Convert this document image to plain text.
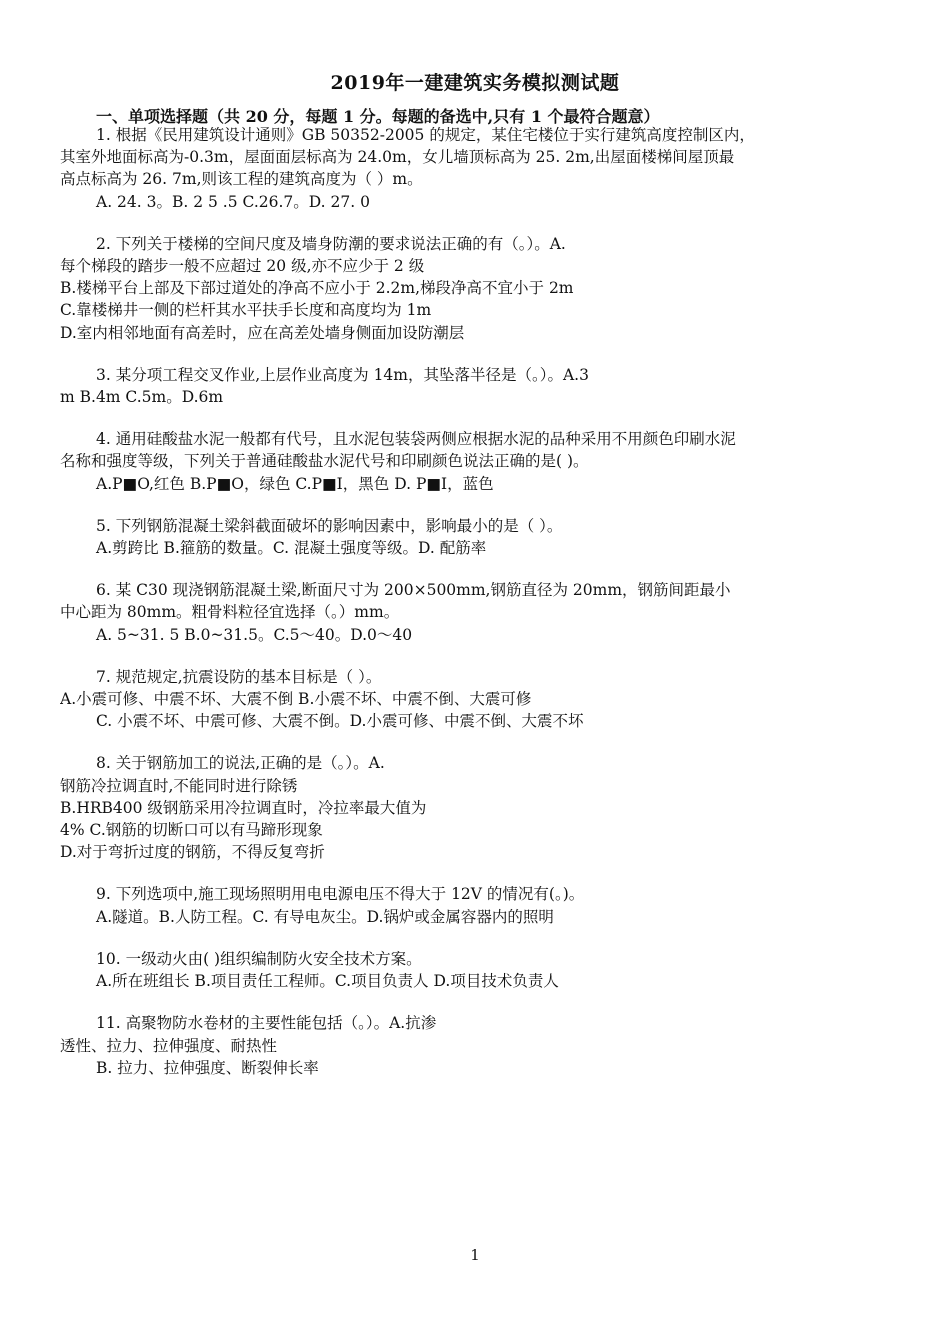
2019年一建建筑实务模拟测试题
一、单项选择题（共 20 分，每题 1 分。每题的备选中,只有 1 个最符合题意）
1. 根据《民用建筑设计通则》GB 50352-2005 的规定，某住宅楼位于实行建筑高度控制区内，
其室外地面标高为-0.3m，屋面面层标高为 24.0m，女儿墙顶标高为 25. 2m,出屋面楼梯间屋顶最
高点标高为 26. 7m,则该工程的建筑高度为（ ）m。
A. 24. 3。B. 2 5 .5 C.26.7。D. 27. 0
2. 下列关于楼梯的空间尺度及墙身防潮的要求说法正确的有（。）。A.
每个梯段的踏步一般不应超过 20 级,亦不应少于 2 级
B.楼梯平台上部及下部过道处的净高不应小于 2.2m,梯段净高不宜小于 2m
C.靠楼梯井一侧的栏杆其水平扶手长度和高度均为 1m
D.室内相邻地面有高差时，应在高差处墙身侧面加设防潮层
3. 某分项工程交叉作业,上层作业高度为 14m，其坠落半径是（。）。A.3
m B.4m C.5m。D.6m
4. 通用硅酸盐水泥一般都有代号，且水泥包装袋两侧应根据水泥的品种采用不用颜色印刷水泥
名称和强度等级，下列关于普通硅酸盐水泥代号和印刷颜色说法正确的是( )。
A.P■O,红色 B.P■O，绿色 C.P■Ⅰ，黑色 D. P■Ⅰ，蓝色
5. 下列钢筋混凝土梁斜截面破坏的影响因素中，影响最小的是（ ）。
A.剪跨比 B.箍筋的数量。C. 混凝土强度等级。D. 配筋率
6. 某 C30 现浇钢筋混凝土梁,断面尺寸为 200×500mm,钢筋直径为 20mm，钢筋间距最小
中心距为 80mm。粗骨料粒径宜选择（。）mm。
A. 5~31. 5 B.0~31.5。C.5～40。D.0～40
7. 规范规定,抗震设防的基本目标是（ ）。
A.小震可修、中震不坏、大震不倒 B.小震不坏、中震不倒、大震可修
C. 小震不坏、中震可修、大震不倒。D.小震可修、中震不倒、大震不坏
8. 关于钢筋加工的说法,正确的是（。）。A.
钢筋冷拉调直时,不能同时进行除锈
B.HRB400 级钢筋采用冷拉调直时，冷拉率最大值为
4% C.钢筋的切断口可以有马蹄形现象
D.对于弯折过度的钢筋，不得反复弯折
9. 下列选项中,施工现场照明用电电源电压不得大于 12V 的情况有(。)。
A.隧道。B.人防工程。C. 有导电灰尘。D.锅炉或金属容器内的照明
10. 一级动火由( )组织编制防火安全技术方案。
A.所在班组长 B.项目责任工程师。C.项目负责人 D.项目技术负责人
11. 高聚物防水卷材的主要性能包括（。）。A.抗渗
透性、拉力、拉伸强度、耐热性
B. 拉力、拉伸强度、断裂伸长率
1
